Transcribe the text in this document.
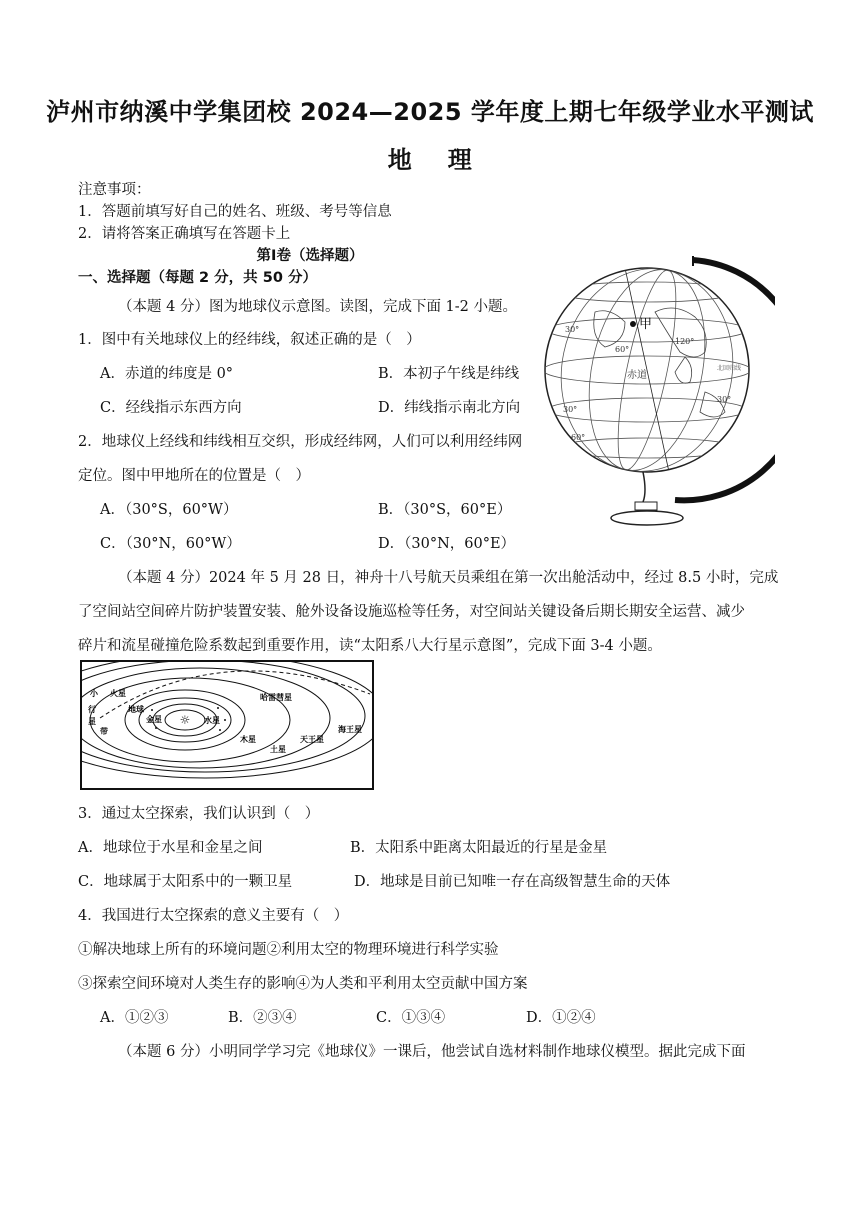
泸州市纳溪中学集团校 2024—2025 学年度上期七年级学业水平测试
地    理
注意事项：
1．答题前填写好自己的姓名、班级、考号等信息
2．请将答案正确填写在答题卡上
第Ⅰ卷（选择题）
一、选择题（每题 2 分，共 50 分）
（本题 4 分）图为地球仪示意图。读图，完成下面 1-2 小题。
1．图中有关地球仪上的经纬线，叙述正确的是（　）
A．赤道的纬度是 0°	B．本初子午线是纬线
C．经线指示东西方向	D．纬线指示南北方向
2．地球仪上经线和纬线相互交织，形成经纬网，人们可以利用经纬网
定位。图中甲地所在的位置是（　）
A．（30°S，60°W）	B．（30°S，60°E）
C．（30°N，60°W）	D．（30°N，60°E）
甲
赤道
30°
30°
60°
30°
60°
120°
北回归线
（本题 4 分）2024 年 5 月 28 日，神舟十八号航天员乘组在第一次出舱活动中，经过 8.5 小时，完成
了空间站空间碎片防护装置安装、舱外设备设施巡检等任务，对空间站关键设备后期长期安全运营、减少
碎片和流星碰撞危险系数起到重要作用，读“太阳系八大行星示意图”，完成下面 3-4 小题。
☼
火星
小
行
星
带
地球
金星	水星
哈雷彗星
木星
土星
天王星
海王星
3．通过太空探索，我们认识到（　）
A．地球位于水星和金星之间	B．太阳系中距离太阳最近的行星是金星
C．地球属于太阳系中的一颗卫星	D．地球是目前已知唯一存在高级智慧生命的天体
4．我国进行太空探索的意义主要有（　）
①解决地球上所有的环境问题②利用太空的物理环境进行科学实验
③探索空间环境对人类生存的影响④为人类和平利用太空贡献中国方案
A．①②③	B．②③④	C．①③④	D．①②④
（本题 6 分）小明同学学习完《地球仪》一课后，他尝试自选材料制作地球仪模型。据此完成下面
